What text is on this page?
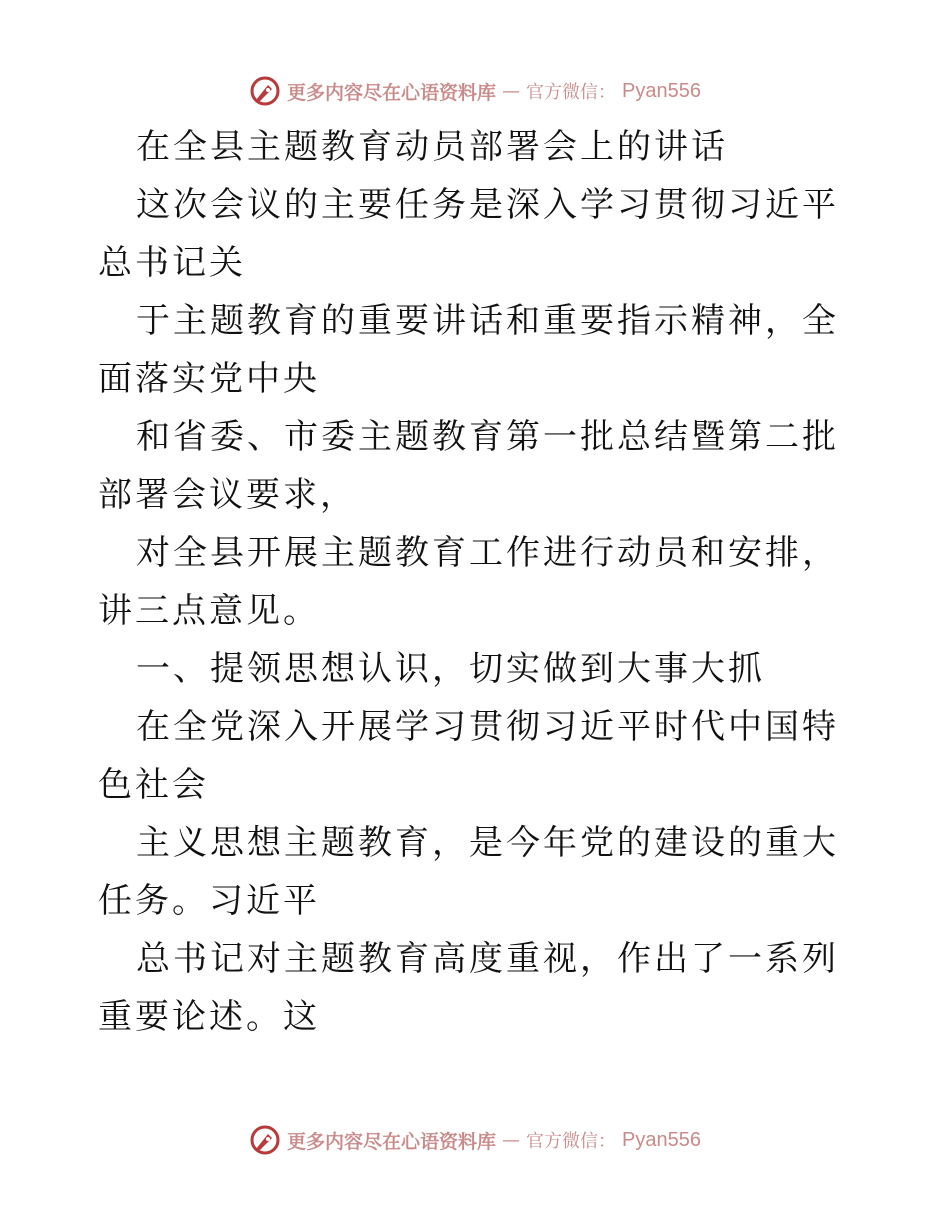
更多内容尽在心语资料库 — 官方微信： Pyan556

在全县主题教育动员部署会上的讲话

这次会议的主要任务是深入学习贯彻习近平总书记关

于主题教育的重要讲话和重要指示精神，全面落实党中央

和省委、市委主题教育第一批总结暨第二批部署会议要求，

对全县开展主题教育工作进行动员和安排，讲三点意见。

一、提领思想认识，切实做到大事大抓

在全党深入开展学习贯彻习近平时代中国特色社会

主义思想主题教育，是今年党的建设的重大任务。习近平

总书记对主题教育高度重视，作出了一系列重要论述。这

更多内容尽在心语资料库 — 官方微信： Pyan556
